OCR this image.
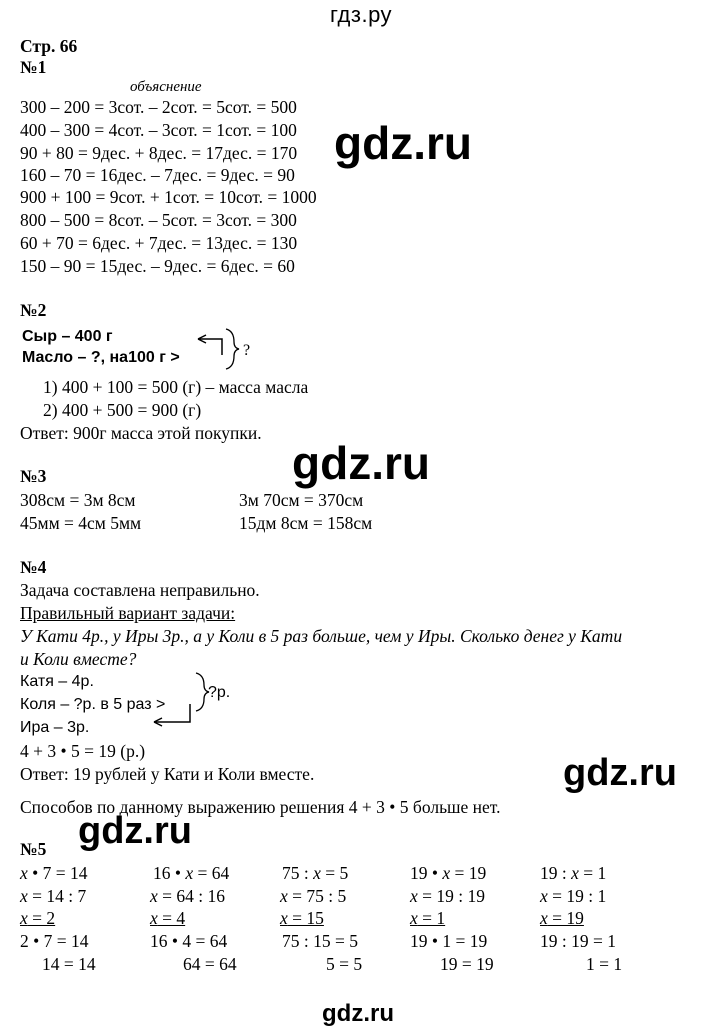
гдз.ру
gdz.ru
gdz.ru
gdz.ru
gdz.ru
gdz.ru
Стр. 66
№1
объяснение
300 – 200 = 3сот. – 2сот. = 5сот. = 500
400 – 300 = 4сот. – 3сот. = 1сот. = 100
90 + 80 = 9дес. + 8дес. = 17дес. = 170
160 – 70 = 16дес. – 7дес. = 9дес. = 90
900 + 100 = 9сот. + 1сот. = 10сот. = 1000
800 – 500 = 8сот. – 5сот. = 3сот. = 300
60 + 70 = 6дес. + 7дес. = 13дес. = 130
150 – 90 = 15дес. – 9дес. = 6дес. = 60
№2
Сыр – 400 г
Масло – ?, на100 г >	?
1) 400 + 100 = 500 (г) – масса масла
2) 400 + 500 = 900 (г)
Ответ: 900г масса этой покупки.
№3
308см = 3м 8см
45мм = 4см 5мм
3м 70см = 370см
15дм 8см = 158см
№4
Задача составлена неправильно.
Правильный вариант задачи:
У Кати 4р., у Иры 3р., а у Коли в 5 раз больше, чем у Иры. Сколько денег у Кати
и Коли вместе?
Катя – 4р.
Коля – ?р. в 5 раз >
?р.
Ира – 3р.
4 + 3 • 5 = 19 (р.)
Ответ: 19 рублей у Кати и Коли вместе.
Способов по данному выражению решения 4 + 3 • 5 больше нет.
№5
x • 7 = 14
x = 14 : 7
x = 2
2 • 7 = 14
14 = 14
16 • x = 64
x = 64 : 16
x = 4
16 • 4 = 64
64 = 64
75 : x = 5
x = 75 : 5
x = 15
75 : 15 = 5
5 = 5
19 • x = 19
x = 19 : 19
x = 1
19 • 1 = 19
19 = 19
19 : x = 1
x = 19 : 1
x = 19
19 : 19 = 1
1 = 1
